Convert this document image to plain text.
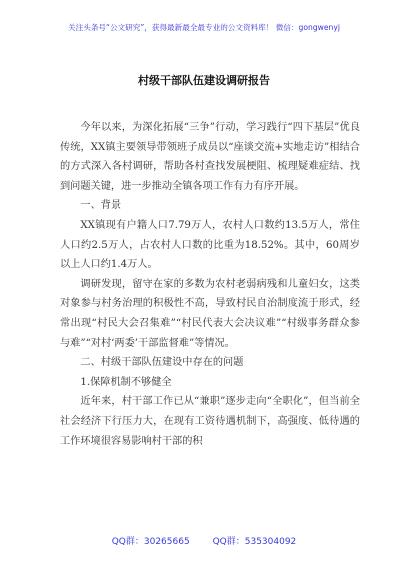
关注头条号“公文研究”，获得最新最全最专业的公文资料库！ 微信：gongwenyj
村级干部队伍建设调研报告

今年以来，为深化拓展“三争”行动，学习践行“四下基层”优良传统，XX镇主要领导带领班子成员以“座谈交流+实地走访”相结合的方式深入各村调研，帮助各村查找发展梗阻、梳理疑难症结、找到问题关键，进一步推动全镇各项工作有力有序开展。

一、背景

XX镇现有户籍人口7.79万人，农村人口数约13.5万人，常住人口约2.5万人，占农村人口数的比重为18.52%。其中，60周岁以上人口约1.4万人。

调研发现，留守在家的多数为农村老弱病残和儿童妇女，这类对象参与村务治理的积极性不高，导致村民自治制度流于形式，经常出现“村民大会召集难”“村民代表大会决议难”“村级事务群众参与难”“对村‘两委’干部监督难”等情况。

二、村级干部队伍建设中存在的问题

1.保障机制不够健全

近年来，村干部工作已从“兼职”逐步走向“全职化”，但当前全社会经济下行压力大，在现有工资待遇机制下，高强度、低待遇的工作环境很容易影响村干部的积

QQ群：30265665	QQ群：535304092
